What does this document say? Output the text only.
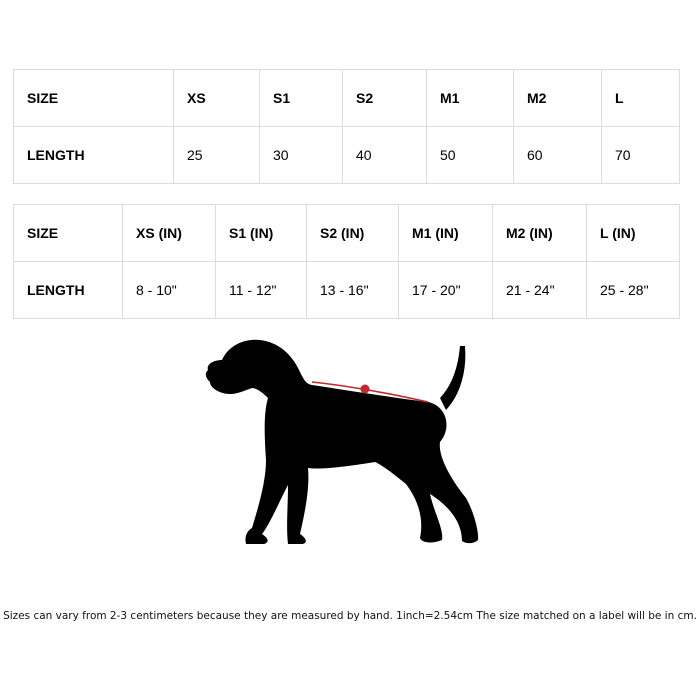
SIZE	XS	S1	S2	M1	M2	L
LENGTH	25	30	40	50	60	70
SIZE	XS (IN)	S1 (IN)	S2 (IN)	M1 (IN)	M2 (IN)	L (IN)
LENGTH	8 - 10"	11 - 12"	13 - 16"	17 - 20"	21 - 24"	25 - 28"
Sizes can vary from 2-3 centimeters because they are measured by hand. 1inch=2.54cm The size matched on a label will be in cm.
